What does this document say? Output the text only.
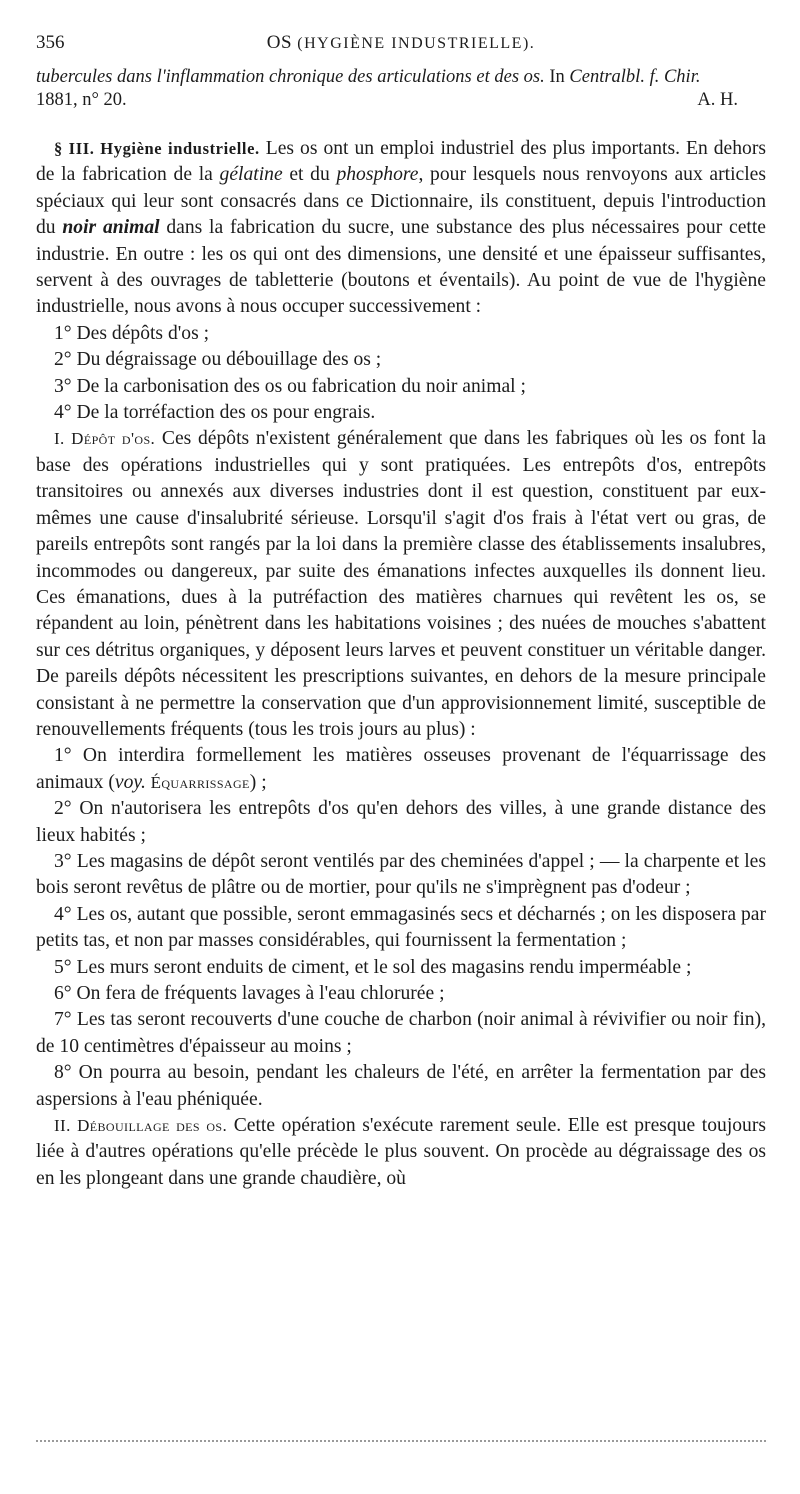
356	OS (HYGIÈNE INDUSTRIELLE).
tubercules dans l'inflammation chronique des articulations et des os. In Centralbl. f. Chir.
1881, n° 20.	A. H.

§ III. Hygiène industrielle. Les os ont un emploi industriel des plus importants. En dehors de la fabrication de la gélatine et du phosphore, pour lesquels nous renvoyons aux articles spéciaux qui leur sont consacrés dans ce Dictionnaire, ils constituent, depuis l'introduction du noir animal dans la fabrication du sucre, une substance des plus nécessaires pour cette industrie. En outre : les os qui ont des dimensions, une densité et une épaisseur suffisantes, servent à des ouvrages de tabletterie (boutons et éventails). Au point de vue de l'hygiène industrielle, nous avons à nous occuper successivement :

1° Des dépôts d'os ;

2° Du dégraissage ou débouillage des os ;

3° De la carbonisation des os ou fabrication du noir animal ;

4° De la torréfaction des os pour engrais.

I. Dépôt d'os. Ces dépôts n'existent généralement que dans les fabriques où les os font la base des opérations industrielles qui y sont pratiquées. Les entrepôts d'os, entrepôts transitoires ou annexés aux diverses industries dont il est question, constituent par eux-mêmes une cause d'insalubrité sérieuse. Lorsqu'il s'agit d'os frais à l'état vert ou gras, de pareils entrepôts sont rangés par la loi dans la première classe des établissements insalubres, incommodes ou dangereux, par suite des émanations infectes auxquelles ils donnent lieu. Ces émanations, dues à la putréfaction des matières charnues qui revêtent les os, se répandent au loin, pénètrent dans les habitations voisines ; des nuées de mouches s'abattent sur ces détritus organiques, y déposent leurs larves et peuvent constituer un véritable danger. De pareils dépôts nécessitent les prescriptions suivantes, en dehors de la mesure principale consistant à ne permettre la conservation que d'un approvisionnement limité, susceptible de renouvellements fréquents (tous les trois jours au plus) :

1° On interdira formellement les matières osseuses provenant de l'équarrissage des animaux (voy. Équarrissage) ;

2° On n'autorisera les entrepôts d'os qu'en dehors des villes, à une grande distance des lieux habités ;

3° Les magasins de dépôt seront ventilés par des cheminées d'appel ; — la charpente et les bois seront revêtus de plâtre ou de mortier, pour qu'ils ne s'imprègnent pas d'odeur ;

4° Les os, autant que possible, seront emmagasinés secs et décharnés ; on les disposera par petits tas, et non par masses considérables, qui fournissent la fermentation ;

5° Les murs seront enduits de ciment, et le sol des magasins rendu imperméable ;

6° On fera de fréquents lavages à l'eau chlorurée ;

7° Les tas seront recouverts d'une couche de charbon (noir animal à révivifier ou noir fin), de 10 centimètres d'épaisseur au moins ;

8° On pourra au besoin, pendant les chaleurs de l'été, en arrêter la fermentation par des aspersions à l'eau phéniquée.

II. Débouillage des os. Cette opération s'exécute rarement seule. Elle est presque toujours liée à d'autres opérations qu'elle précède le plus souvent. On procède au dégraissage des os en les plongeant dans une grande chaudière, où
